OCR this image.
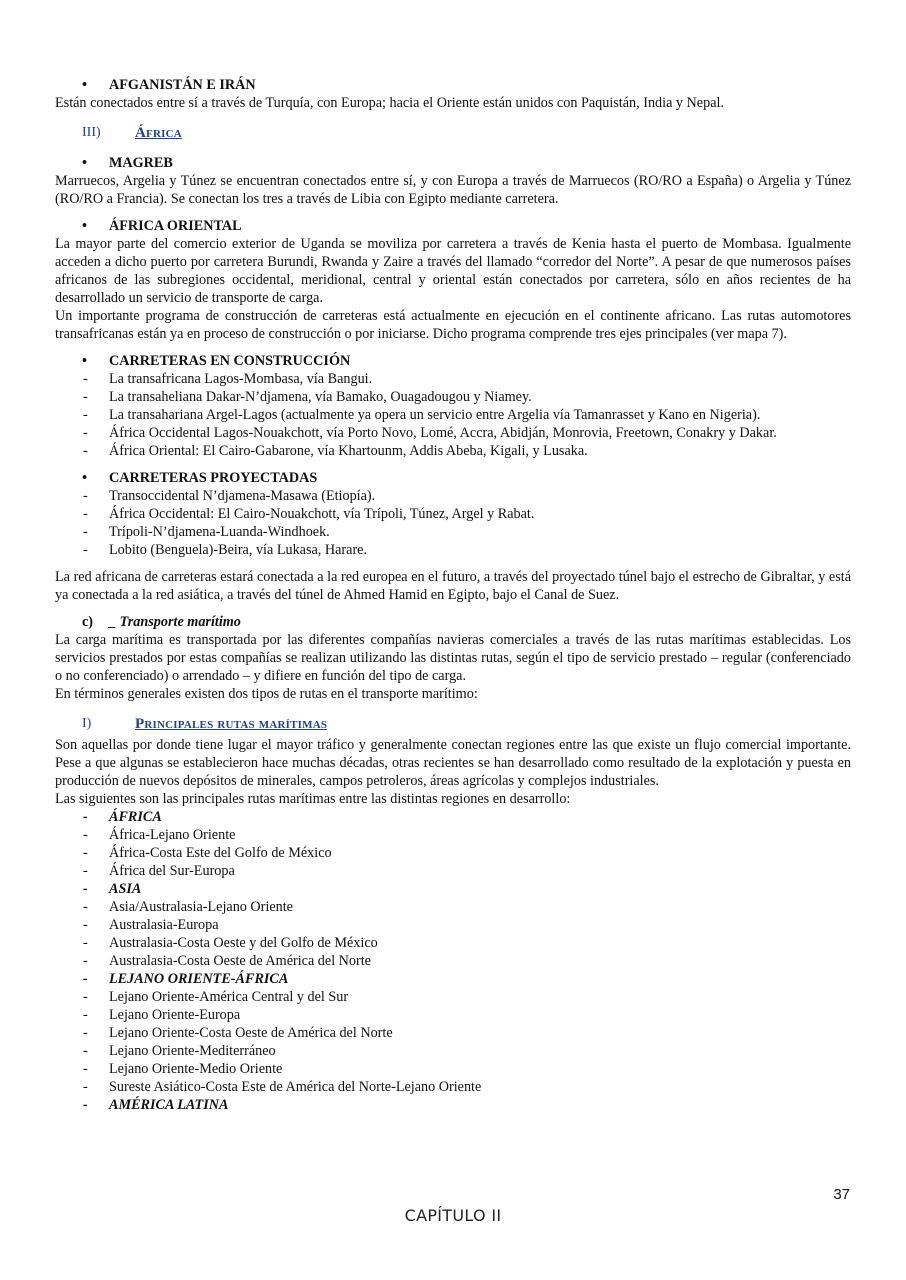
• AFGANISTÁN E IRÁN

Están conectados entre sí a través de Turquía, con Europa; hacia el Oriente están unidos con Paquistán, India y Nepal.

III) África
• MAGREB

Marruecos, Argelia y Túnez se encuentran conectados entre sí, y con Europa a través de Marruecos (RO/RO a España) o Argelia y Túnez (RO/RO a Francia). Se conectan los tres a través de Libia con Egipto mediante carretera.

• ÁFRICA ORIENTAL

La mayor parte del comercio exterior de Uganda se moviliza por carretera a través de Kenia hasta el puerto de Mombasa. Igualmente acceden a dicho puerto por carretera Burundi, Rwanda y Zaire a través del llamado “corredor del Norte”. A pesar de que numerosos países africanos de las subregiones occidental, meridional, central y oriental están conectados por carretera, sólo en años recientes de ha desarrollado un servicio de transporte de carga.

Un importante programa de construcción de carreteras está actualmente en ejecución en el continente africano. Las rutas automotores transafricanas están ya en proceso de construcción o por iniciarse. Dicho programa comprende tres ejes principales (ver mapa 7).

• CARRETERAS EN CONSTRUCCIÓN

- La transafricana Lagos-Mombasa, vía Bangui.

- La transaheliana Dakar-N’djamena, vía Bamako, Ouagadougou y Niamey.

- La transahariana Argel-Lagos (actualmente ya opera un servicio entre Argelia vía Tamanrasset y Kano en Nigeria).

- África Occidental Lagos-Nouakchott, vía Porto Novo, Lomé, Accra, Abidján, Monrovia, Freetown, Conakry y Dakar.

- África Oriental: El Cairo-Gabarone, vía Khartounm, Addis Abeba, Kigali, y Lusaka.

• CARRETERAS PROYECTADAS

- Transoccidental N’djamena-Masawa (Etiopía).

- África Occidental: El Cairo-Nouakchott, vía Trípoli, Túnez, Argel y Rabat.

- Trípoli-N’djamena-Luanda-Windhoek.

- Lobito (Benguela)-Beira, vía Lukasa, Harare.

La red africana de carreteras estará conectada a la red europea en el futuro, a través del proyectado túnel bajo el estrecho de Gibraltar, y está ya conectada a la red asiática, a través del túnel de Ahmed Hamid en Egipto, bajo el Canal de Suez.

c) _ Transporte marítimo

La carga marítima es transportada por las diferentes compañías navieras comerciales a través de las rutas marítimas establecidas. Los servicios prestados por estas compañías se realizan utilizando las distintas rutas, según el tipo de servicio prestado – regular (conferenciado o no conferenciado) o arrendado – y difiere en función del tipo de carga.

En términos generales existen dos tipos de rutas en el transporte marítimo:

I)	Principales rutas marítimas

Son aquellas por donde tiene lugar el mayor tráfico y generalmente conectan regiones entre las que existe un flujo comercial importante. Pese a que algunas se establecieron hace muchas décadas, otras recientes se han desarrollado como resultado de la explotación y puesta en producción de nuevos depósitos de minerales, campos petroleros, áreas agrícolas y complejos industriales.

Las siguientes son las principales rutas marítimas entre las distintas regiones en desarrollo:

- ÁFRICA

- África-Lejano Oriente

- África-Costa Este del Golfo de México

- África del Sur-Europa

- ASIA

- Asia/Australasia-Lejano Oriente

- Australasia-Europa

- Australasia-Costa Oeste y del Golfo de México

- Australasia-Costa Oeste de América del Norte

- LEJANO ORIENTE-ÁFRICA

- Lejano Oriente-América Central y del Sur

- Lejano Oriente-Europa

- Lejano Oriente-Costa Oeste de América del Norte

- Lejano Oriente-Mediterráneo

- Lejano Oriente-Medio Oriente

- Sureste Asiático-Costa Este de América del Norte-Lejano Oriente

- AMÉRICA LATINA

37
CAPÍTULO II
